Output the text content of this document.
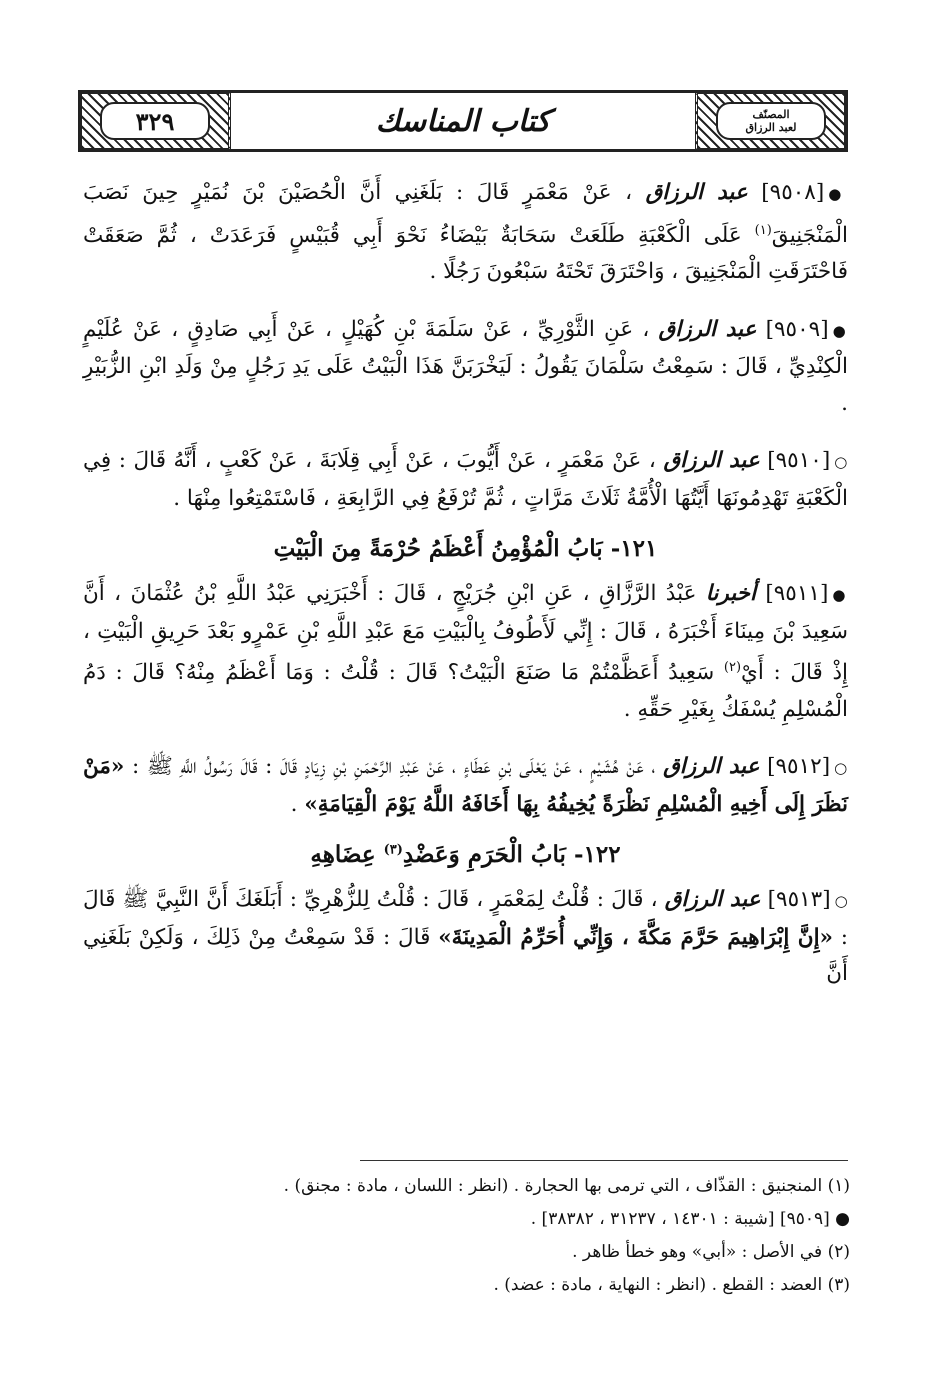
٣٢٩	كتاب المناسك	المصنّف
لعبد الرزاق

●[٩٥٠٨] عبد الرزاق ، عَنْ مَعْمَرٍ قَالَ : بَلَغَنِي أَنَّ الْحُصَيْنَ بْنَ نُمَيْرٍ حِينَ نَصَبَ الْمَنْجَنِيقَ$^{(١)}$ عَلَى الْكَعْبَةِ طَلَعَتْ سَحَابَةٌ بَيْضَاءُ نَحْوَ أَبِي قُبَيْسٍ فَرَعَدَتْ ، ثُمَّ صَعَقَتْ فَاحْتَرَقَتِ الْمَنْجَنِيقَ ، وَاحْتَرَقَ تَحْتَهُ سَبْعُونَ رَجُلًا .

●[٩٥٠٩] عبد الرزاق ، عَنِ الثَّوْرِيِّ ، عَنْ سَلَمَةَ بْنِ كُهَيْلٍ ، عَنْ أَبِي صَادِقٍ ، عَنْ عُلَيْمٍ الْكِنْدِيِّ ، قَالَ : سَمِعْتُ سَلْمَانَ يَقُولُ : لَيَخْرَبَنَّ هَذَا الْبَيْتُ عَلَى يَدِ رَجُلٍ مِنْ وَلَدِ ابْنِ الزُّبَيْرِ .

○[٩٥١٠] عبد الرزاق ، عَنْ مَعْمَرٍ ، عَنْ أَيُّوبَ ، عَنْ أَبِي قِلَابَةَ ، عَنْ كَعْبٍ ، أَنَّهُ قَالَ : فِي الْكَعْبَةِ تَهْدِمُونَهَا أَيَّتُهَا الْأُمَّةُ ثَلَاثَ مَرَّاتٍ ، ثُمَّ تُرْفَعُ فِي الرَّابِعَةِ ، فَاسْتَمْتِعُوا مِنْهَا .

١٢١- بَابُ الْمُؤْمِنُ أَعْظَمُ حُرْمَةً مِنَ الْبَيْتِ

●[٩٥١١] أخبرنا عَبْدُ الرَّزَّاقِ ، عَنِ ابْنِ جُرَيْجٍ ، قَالَ : أَخْبَرَنِي عَبْدُ اللَّهِ بْنُ عُثْمَانَ ، أَنَّ سَعِيدَ بْنَ مِينَاءَ أَخْبَرَهُ ، قَالَ : إِنِّي لَأَطُوفُ بِالْبَيْتِ مَعَ عَبْدِ اللَّهِ بْنِ عَمْرٍو بَعْدَ حَرِيقِ الْبَيْتِ ، إِذْ قَالَ : أَيْ$^{(٢)}$ سَعِيدُ أَعَظَّمْتُمْ مَا صَنَعَ الْبَيْتُ؟ قَالَ : قُلْتُ : وَمَا أَعْظَمُ مِنْهُ؟ قَالَ : دَمُ الْمُسْلِمِ يُسْفَكُ بِغَيْرِ حَقِّهِ .

○[٩٥١٢] عبد الرزاق ، عَنْ هُشَيْمٍ ، عَنْ يَعْلَى بْنِ عَطَاءٍ ، عَنْ عَبْدِ الرَّحْمَنِ بْنِ زِيَادٍ قَالَ : قَالَ رَسُولُ اللَّهِ ﷺ : «مَنْ نَظَرَ إِلَى أَخِيهِ الْمُسْلِمِ نَظْرَةً يُخِيفُهُ بِهَا أَخَافَهُ اللَّهُ يَوْمَ الْقِيَامَةِ» .

١٢٢- بَابُ الْحَرَمِ وَعَضْدِ$^{(٣)}$ عِضَاهِهِ

○[٩٥١٣] عبد الرزاق ، قَالَ : قُلْتُ لِمَعْمَرٍ ، قَالَ : قُلْتُ لِلزُّهْرِيِّ : أَبَلَغَكَ أَنَّ النَّبِيَّ ﷺ قَالَ : «إِنَّ إِبْرَاهِيمَ حَرَّمَ مَكَّةَ ، وَإِنِّي أُحَرِّمُ الْمَدِينَةَ» قَالَ : قَدْ سَمِعْتُ مِنْ ذَلِكَ ، وَلَكِنْ بَلَغَنِي أَنَّ

(١) المنجنيق : القذّاف ، التي ترمى بها الحجارة . (انظر : اللسان ، مادة : مجنق) .
● [٩٥٠٩] [شيبة : ١٤٣٠١ ، ٣١٢٣٧ ، ٣٨٣٨٢] .
(٢) في الأصل : «أبي» وهو خطأ ظاهر .
(٣) العضد : القطع . (انظر : النهاية ، مادة : عضد) .
